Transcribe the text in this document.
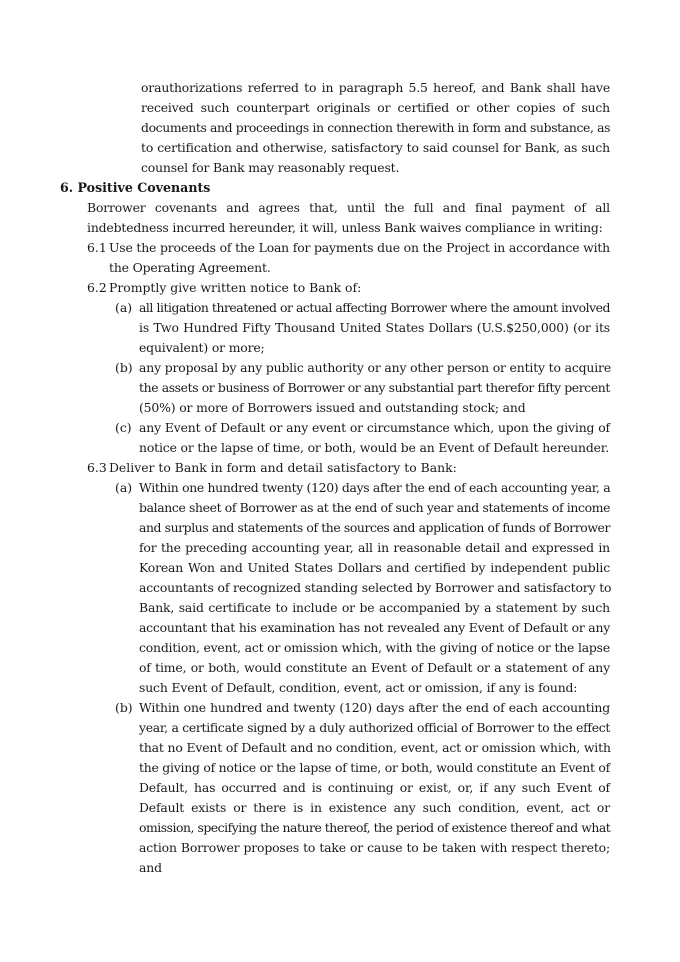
orauthorizations referred to in paragraph 5.5 hereof, and Bank shall have
received such counterpart originals or certified or other copies of such
documents and proceedings in connection therewith in form and substance, as
to certification and otherwise, satisfactory to said counsel for Bank, as such
counsel for Bank may reasonably request.
6. Positive Covenants
Borrower covenants and agrees that, until the full and final payment of all
indebtedness incurred hereunder, it will, unless Bank waives compliance in writing:
6.1 Use the proceeds of the Loan for payments due on the Project in accordance with
the Operating Agreement.
6.2 Promptly give written notice to Bank of:
(a) all litigation threatened or actual affecting Borrower where the amount involved
is Two Hundred Fifty Thousand United States Dollars (U.S.$250,000) (or its
equivalent) or more;
(b) any proposal by any public authority or any other person or entity to acquire
the assets or business of Borrower or any substantial part therefor fifty percent
(50%) or more of Borrowers issued and outstanding stock; and
(c) any Event of Default or any event or circumstance which, upon the giving of
notice or the lapse of time, or both, would be an Event of Default hereunder.
6.3 Deliver to Bank in form and detail satisfactory to Bank:
(a) Within one hundred twenty (120) days after the end of each accounting year, a
balance sheet of Borrower as at the end of such year and statements of income
and surplus and statements of the sources and application of funds of Borrower
for the preceding accounting year, all in reasonable detail and expressed in
Korean Won and United States Dollars and certified by independent public
accountants of recognized standing selected by Borrower and satisfactory to
Bank, said certificate to include or be accompanied by a statement by such
accountant that his examination has not revealed any Event of Default or any
condition, event, act or omission which, with the giving of notice or the lapse
of time, or both, would constitute an Event of Default or a statement of any
such Event of Default, condition, event, act or omission, if any is found:
(b) Within one hundred and twenty (120) days after the end of each accounting
year, a certificate signed by a duly authorized official of Borrower to the effect
that no Event of Default and no condition, event, act or omission which, with
the giving of notice or the lapse of time, or both, would constitute an Event of
Default, has occurred and is continuing or exist, or, if any such Event of
Default exists or there is in existence any such condition, event, act or
omission, specifying the nature thereof, the period of existence thereof and what
action Borrower proposes to take or cause to be taken with respect thereto;
and
